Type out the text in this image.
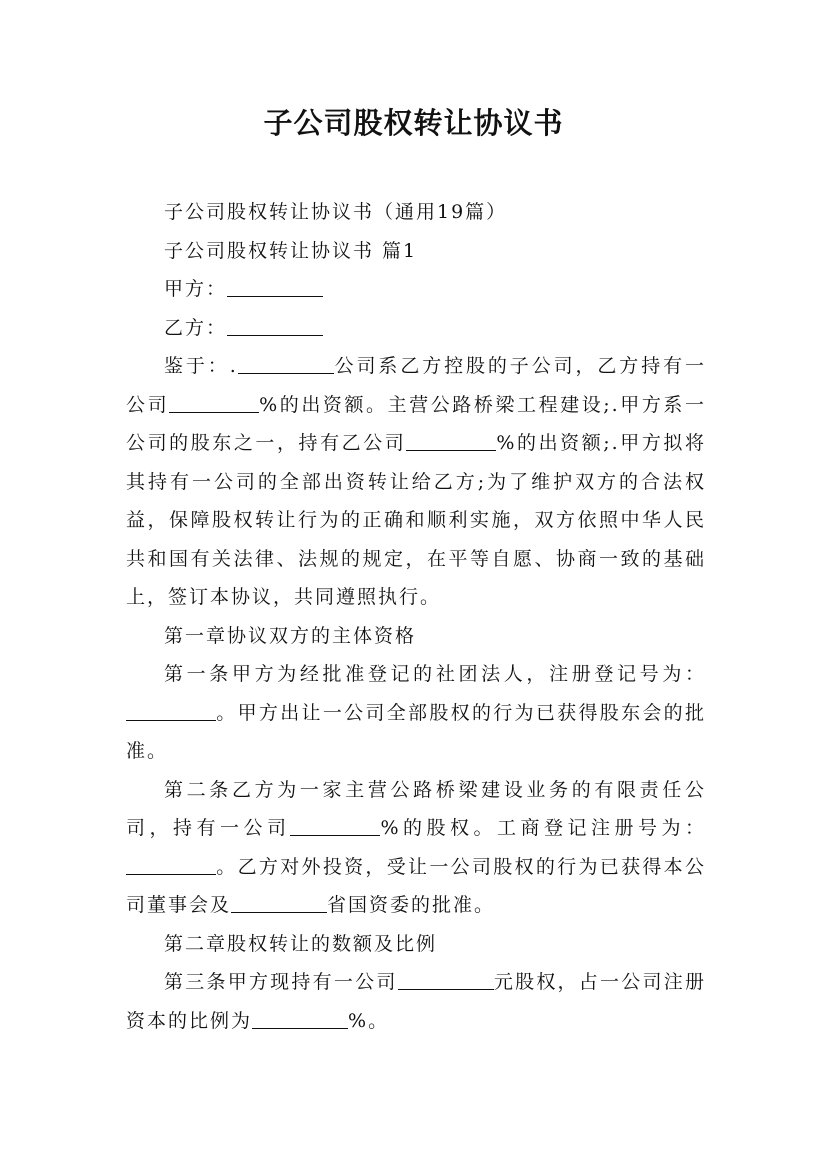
子公司股权转让协议书

子公司股权转让协议书（通用19篇）

子公司股权转让协议书 篇1

甲方：

乙方：

鉴于：.	公司系乙方控股的子公司，乙方持有一公司	%的出资额。主营公路桥梁工程建设;.甲方系一公司的股东之一，持有乙公司	%的出资额;.甲方拟将其持有一公司的全部出资转让给乙方;为了维护双方的合法权益，保障股权转让行为的正确和顺利实施，双方依照中华人民共和国有关法律、法规的规定，在平等自愿、协商一致的基础上，签订本协议，共同遵照执行。

第一章协议双方的主体资格

第一条甲方为经批准登记的社团法人，注册登记号为：。甲方出让一公司全部股权的行为已获得股东会的批准。

第二条乙方为一家主营公路桥梁建设业务的有限责任公司，持有一公司	%的股权。工商登记注册号为：。乙方对外投资，受让一公司股权的行为已获得本公司董事会及	省国资委的批准。

第二章股权转让的数额及比例

第三条甲方现持有一公司	元股权，占一公司注册资本的比例为	%。
